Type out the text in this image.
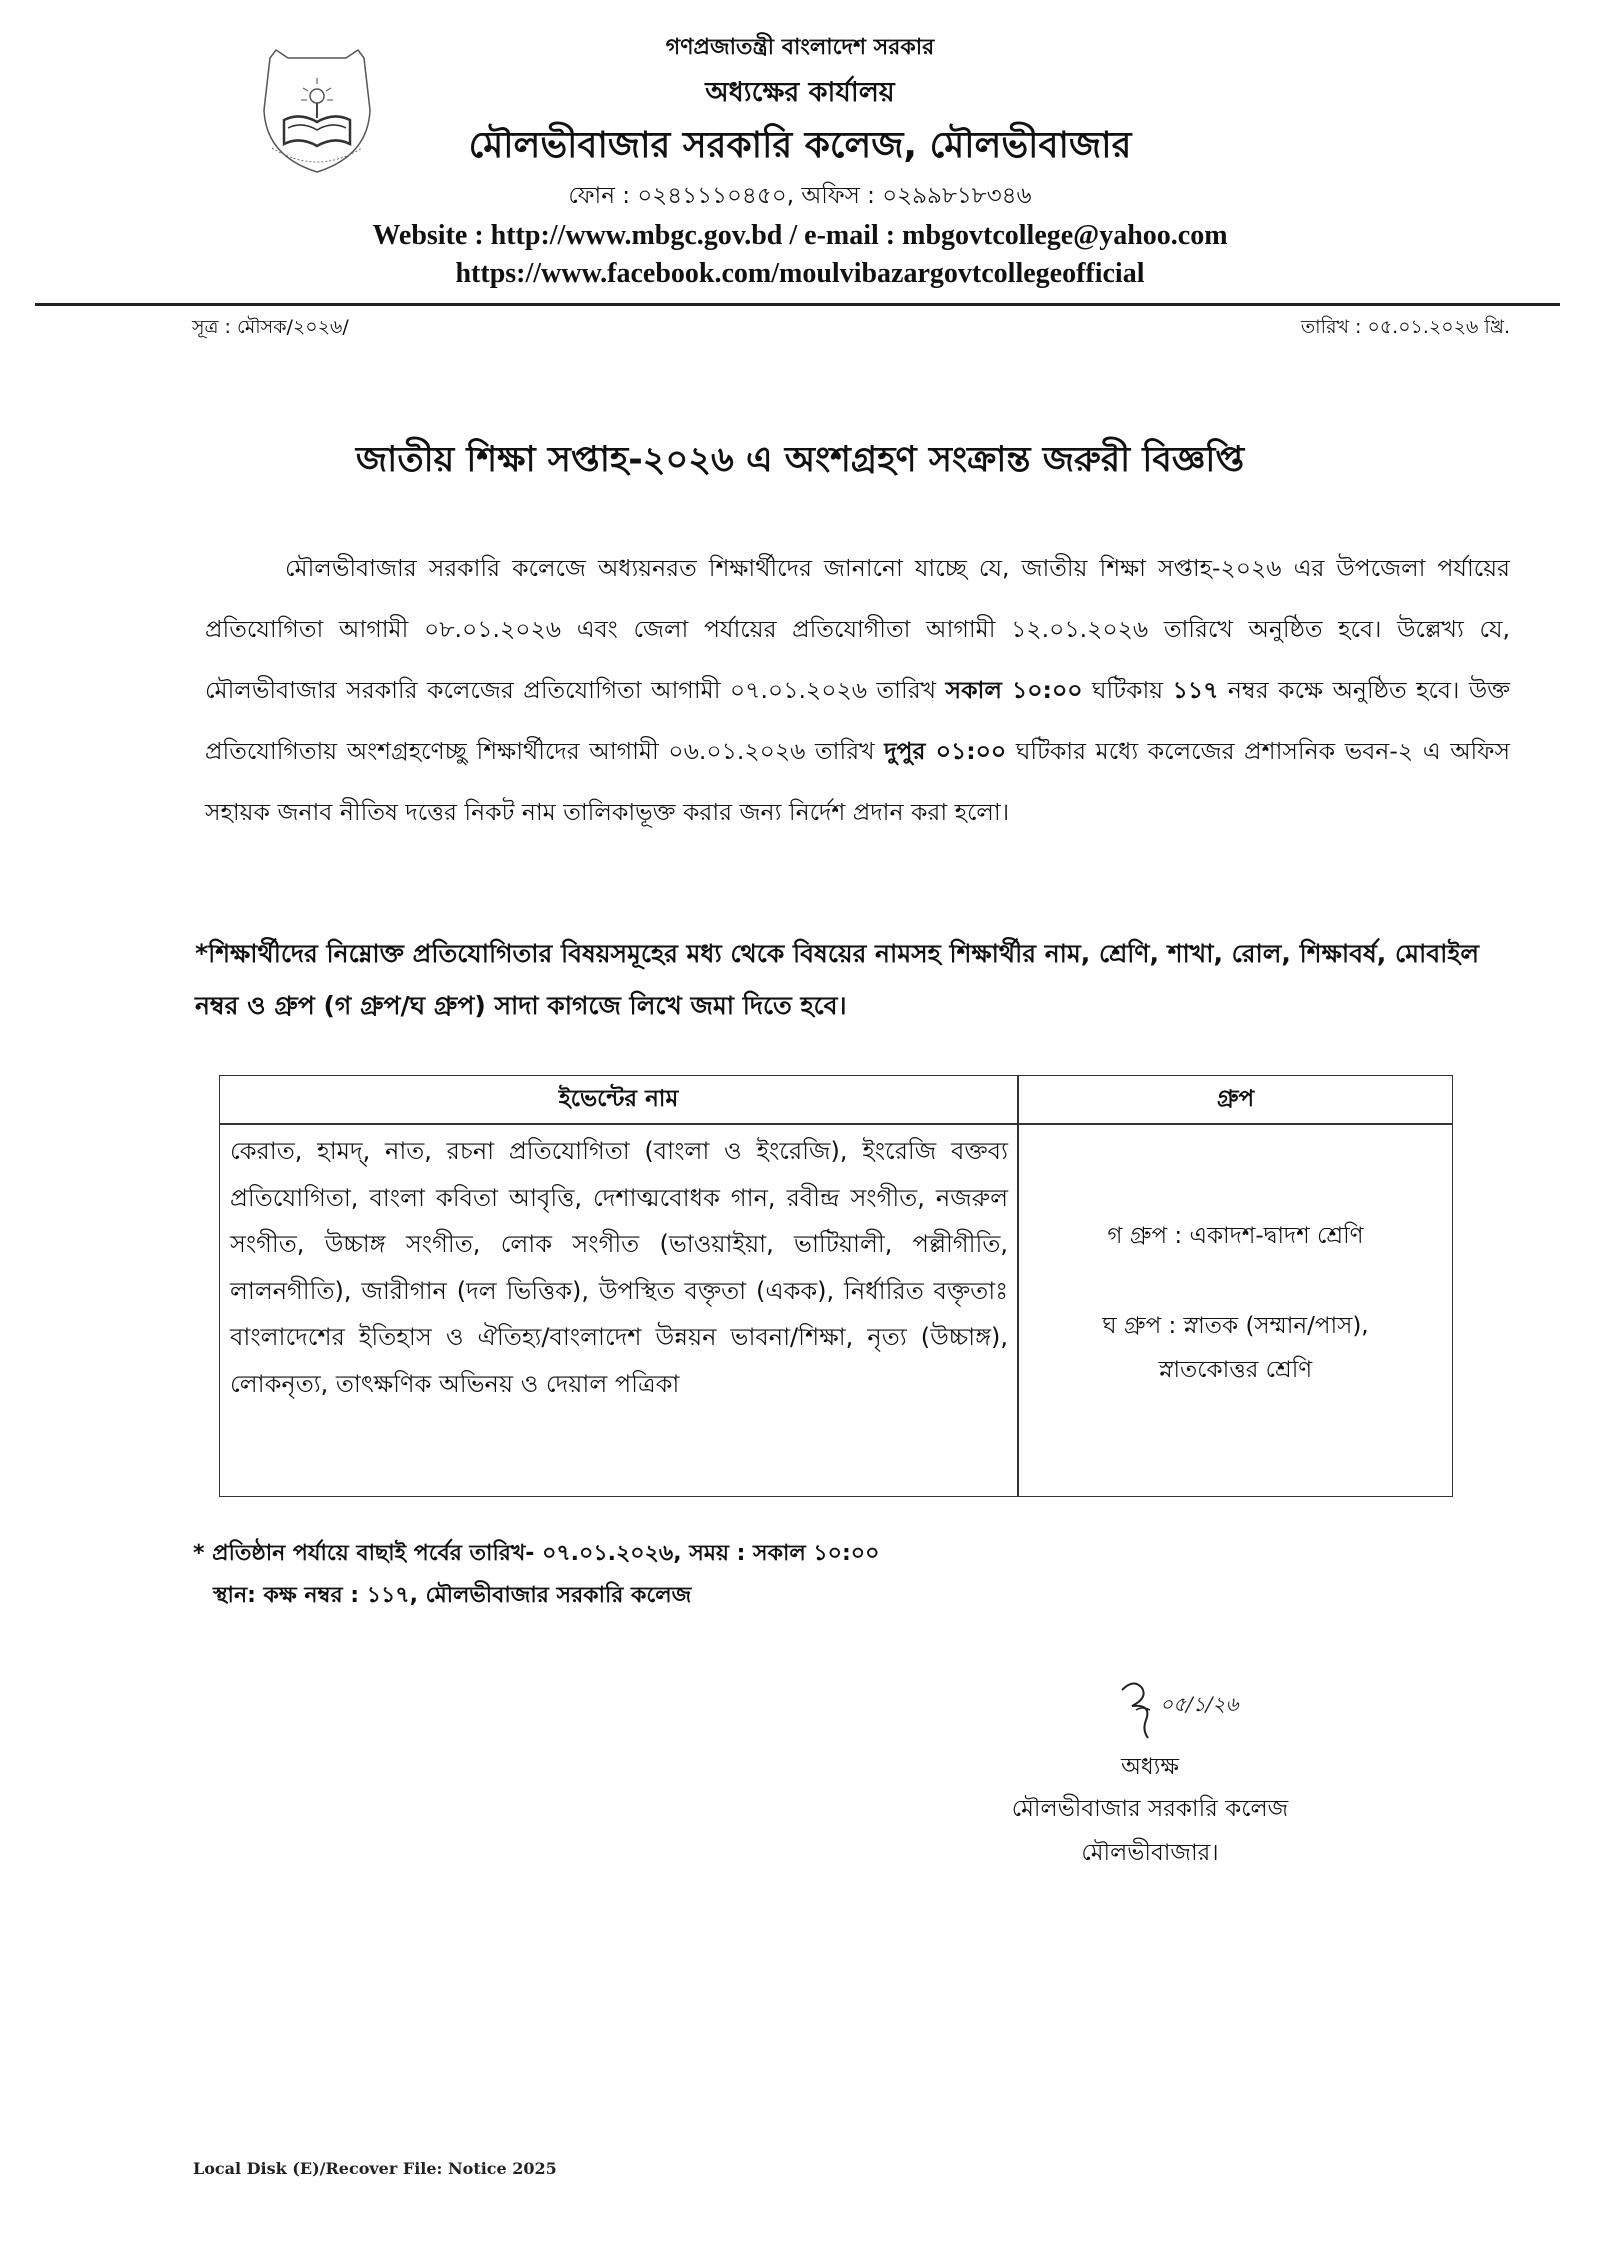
গণপ্রজাতন্ত্রী বাংলাদেশ সরকার
অধ্যক্ষের কার্যালয়
মৌলভীবাজার সরকারি কলেজ, মৌলভীবাজার
ফোন : ০২৪১১১০৪৫০, অফিস : ০২৯৯৮১৮৩৪৬
Website : http://www.mbgc.gov.bd / e-mail : mbgovtcollege@yahoo.com
https://www.facebook.com/moulvibazargovtcollegeofficial
সূত্র : মৌসক/২০২৬/	তারিখ : ০৫.০১.২০২৬ খ্রি.
জাতীয় শিক্ষা সপ্তাহ-২০২৬ এ অংশগ্রহণ সংক্রান্ত জরুরী বিজ্ঞপ্তি
মৌলভীবাজার সরকারি কলেজে অধ্যয়নরত শিক্ষার্থীদের জানানো যাচ্ছে যে, জাতীয় শিক্ষা সপ্তাহ-২০২৬ এর উপজেলা পর্যায়ের প্রতিযোগিতা আগামী ০৮.০১.২০২৬ এবং জেলা পর্যায়ের প্রতিযোগীতা আগামী ১২.০১.২০২৬ তারিখে অনুষ্ঠিত হবে। উল্লেখ্য যে, মৌলভীবাজার সরকারি কলেজের প্রতিযোগিতা আগামী ০৭.০১.২০২৬ তারিখ সকাল ১০:০০ ঘটিকায় ১১৭ নম্বর কক্ষে অনুষ্ঠিত হবে। উক্ত প্রতিযোগিতায় অংশগ্রহণেচ্ছু শিক্ষার্থীদের আগামী ০৬.০১.২০২৬ তারিখ দুপুর ০১:০০ ঘটিকার মধ্যে কলেজের প্রশাসনিক ভবন-২ এ অফিস সহায়ক জনাব নীতিষ দত্তের নিকট নাম তালিকাভূক্ত করার জন্য নির্দেশ প্রদান করা হলো।
*শিক্ষার্থীদের নিম্নোক্ত প্রতিযোগিতার বিষয়সমূহের মধ্য থেকে বিষয়ের নামসহ শিক্ষার্থীর নাম, শ্রেণি, শাখা, রোল, শিক্ষাবর্ষ, মোবাইল নম্বর ও গ্রুপ (গ গ্রুপ/ঘ গ্রুপ) সাদা কাগজে লিখে জমা দিতে হবে।
ইভেন্টের নাম	গ্রুপ
কেরাত, হামদ্, নাত, রচনা প্রতিযোগিতা (বাংলা ও ইংরেজি), ইংরেজি বক্তব্য প্রতিযোগিতা, বাংলা কবিতা আবৃত্তি, দেশাত্মবোধক গান, রবীন্দ্র সংগীত, নজরুল সংগীত, উচ্চাঙ্গ সংগীত, লোক সংগীত (ভাওয়াইয়া, ভাটিয়ালী, পল্লীগীতি, লালনগীতি), জারীগান (দল ভিত্তিক), উপস্থিত বক্তৃতা (একক), নির্ধারিত বক্তৃতাঃ বাংলাদেশের ইতিহাস ও ঐতিহ্য/বাংলাদেশ উন্নয়ন ভাবনা/শিক্ষা, নৃত্য (উচ্চাঙ্গ), লোকনৃত্য, তাৎক্ষণিক অভিনয় ও দেয়াল পত্রিকা
গ গ্রুপ : একাদশ-দ্বাদশ শ্রেণি
ঘ গ্রুপ : স্নাতক (সম্মান/পাস),
স্নাতকোত্তর শ্রেণি
* প্রতিষ্ঠান পর্যায়ে বাছাই পর্বের তারিখ- ০৭.০১.২০২৬, সময় : সকাল ১০:০০
স্থান: কক্ষ নম্বর : ১১৭, মৌলভীবাজার সরকারি কলেজ
০৫/১/২৬
অধ্যক্ষ
মৌলভীবাজার সরকারি কলেজ
মৌলভীবাজার।
Local Disk (E)/Recover File: Notice 2025
